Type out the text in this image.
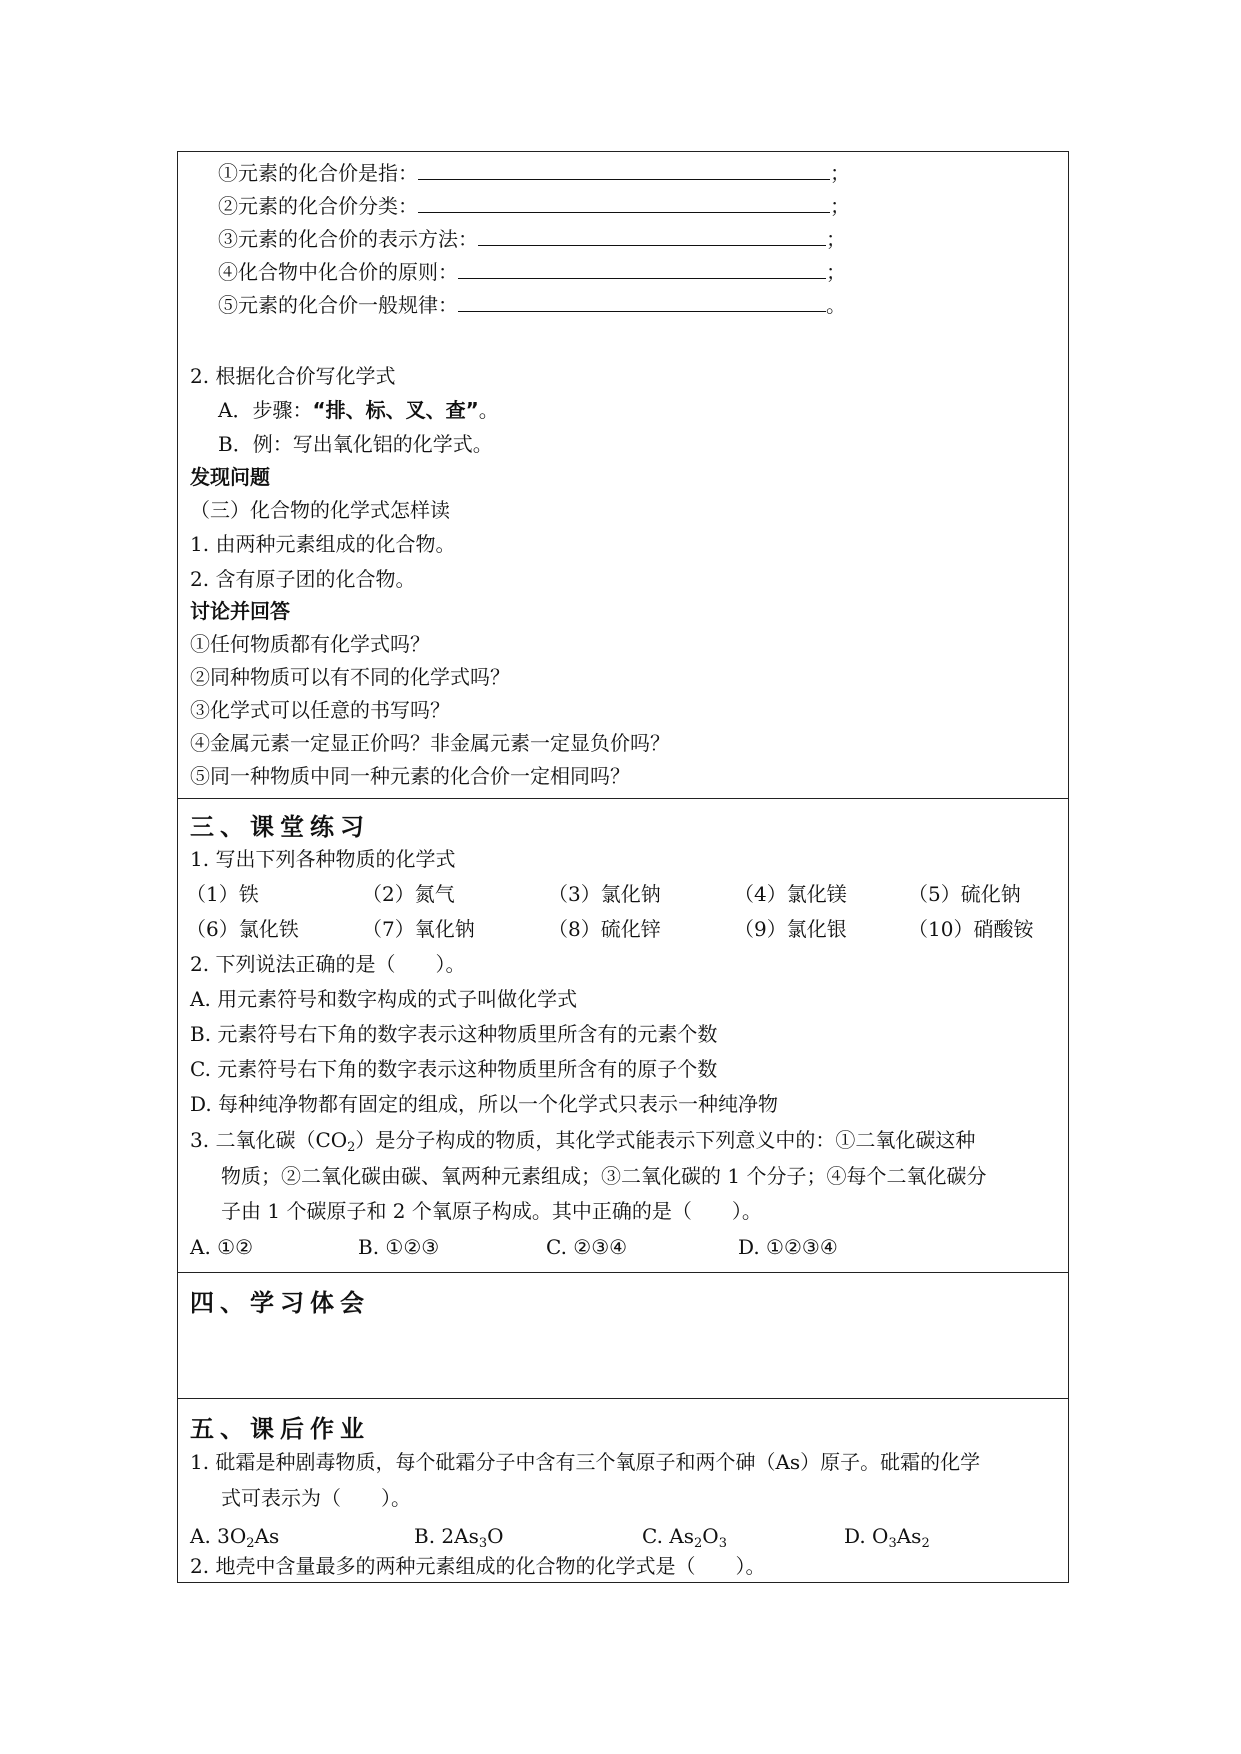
①元素的化合价是指：	；
②元素的化合价分类：	；
③元素的化合价的表示方法：	；
④化合物中化合价的原则：	；
⑤元素的化合价一般规律：	。
2. 根据化合价写化学式
A．步骤：“排、标、叉、查”。
B．例：写出氧化铝的化学式。
发现问题
（三）化合物的化学式怎样读
1. 由两种元素组成的化合物。
2. 含有原子团的化合物。
讨论并回答
①任何物质都有化学式吗？
②同种物质可以有不同的化学式吗？
③化学式可以任意的书写吗？
④金属元素一定显正价吗？非金属元素一定显负价吗？
⑤同一种物质中同一种元素的化合价一定相同吗？
三、课堂练习
1. 写出下列各种物质的化学式
（1）铁	（2）氮气	（3）氯化钠	（4）氯化镁	（5）硫化钠
（6）氯化铁	（7）氧化钠	（8）硫化锌	（9）氯化银	（10）硝酸铵
2. 下列说法正确的是（　　）。
A. 用元素符号和数字构成的式子叫做化学式
B. 元素符号右下角的数字表示这种物质里所含有的元素个数
C. 元素符号右下角的数字表示这种物质里所含有的原子个数
D. 每种纯净物都有固定的组成，所以一个化学式只表示一种纯净物
3. 二氧化碳$(CO_2)$是分子构成的物质，其化学式能表示下列意义中的：①二氧化碳这种
物质；②二氧化碳由碳、氧两种元素组成；③二氧化碳的 1 个分子；④每个二氧化碳分
子由 1 个碳原子和 2 个氧原子构成。其中正确的是（　　）。
A. ①②	B. ①②③	C. ②③④	D. ①②③④
四、学习体会
五、课后作业
1. 砒霜是种剧毒物质，每个砒霜分子中含有三个氧原子和两个砷（As）原子。砒霜的化学
式可表示为（　　）。
A. $3O_2As$	B. $2As_3O$	C. $As_2O_3$	D. $O_3As_2$
2. 地壳中含量最多的两种元素组成的化合物的化学式是（　　）。
